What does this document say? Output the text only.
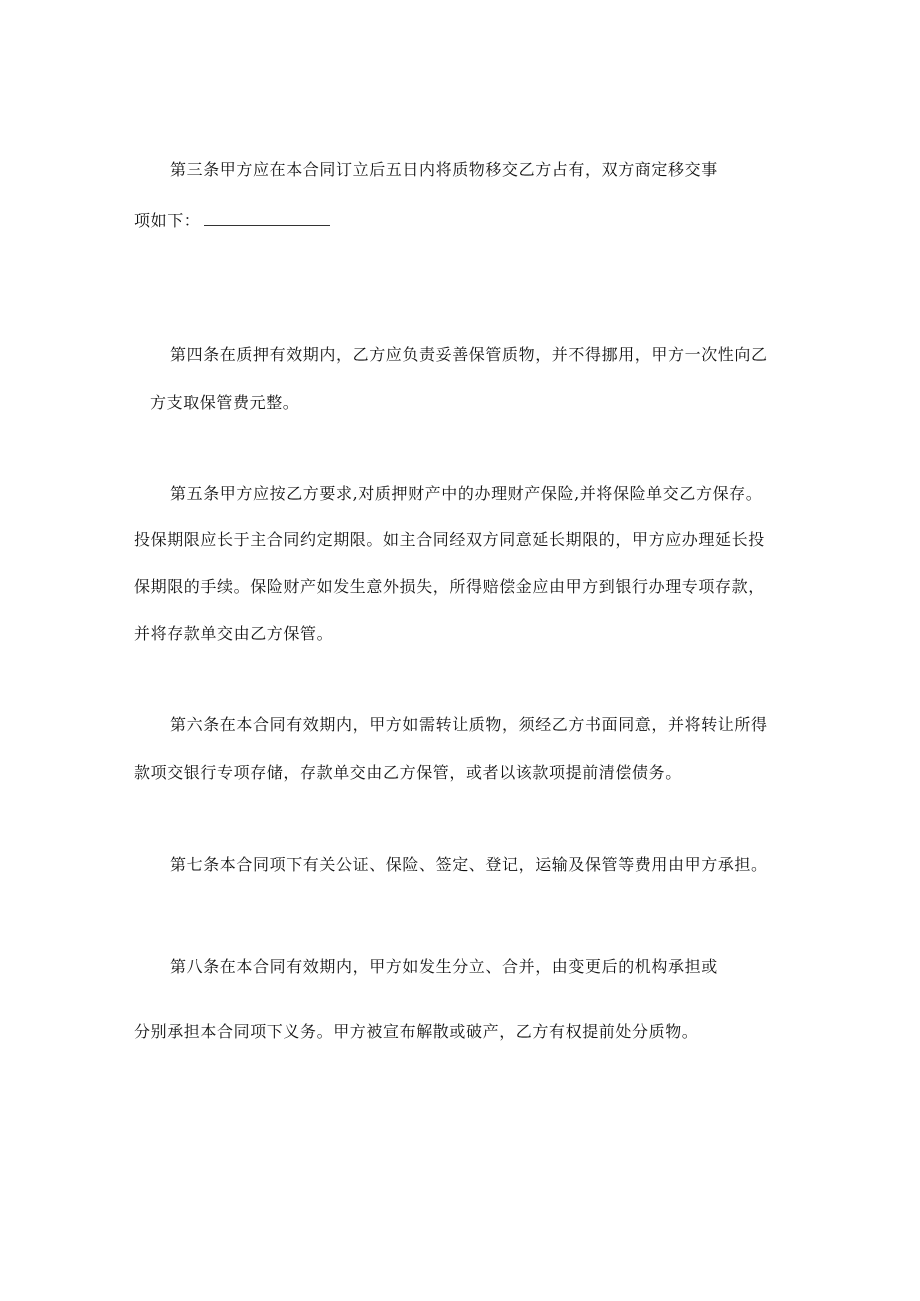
第三条甲方应在本合同订立后五日内将质物移交乙方占有，双方商定移交事
项如下：
第四条在质押有效期内，乙方应负责妥善保管质物，并不得挪用，甲方一次性向乙
方支取保管费元整。
第五条甲方应按乙方要求,对质押财产中的办理财产保险,并将保险单交乙方保存。
投保期限应长于主合同约定期限。如主合同经双方同意延长期限的，甲方应办理延长投
保期限的手续。保险财产如发生意外损失，所得赔偿金应由甲方到银行办理专项存款，
并将存款单交由乙方保管。
第六条在本合同有效期内，甲方如需转让质物，须经乙方书面同意，并将转让所得
款项交银行专项存储，存款单交由乙方保管，或者以该款项提前清偿债务。
第七条本合同项下有关公证、保险、签定、登记，运输及保管等费用由甲方承担。
第八条在本合同有效期内，甲方如发生分立、合并，由变更后的机构承担或
分别承担本合同项下义务。甲方被宣布解散或破产，乙方有权提前处分质物。
